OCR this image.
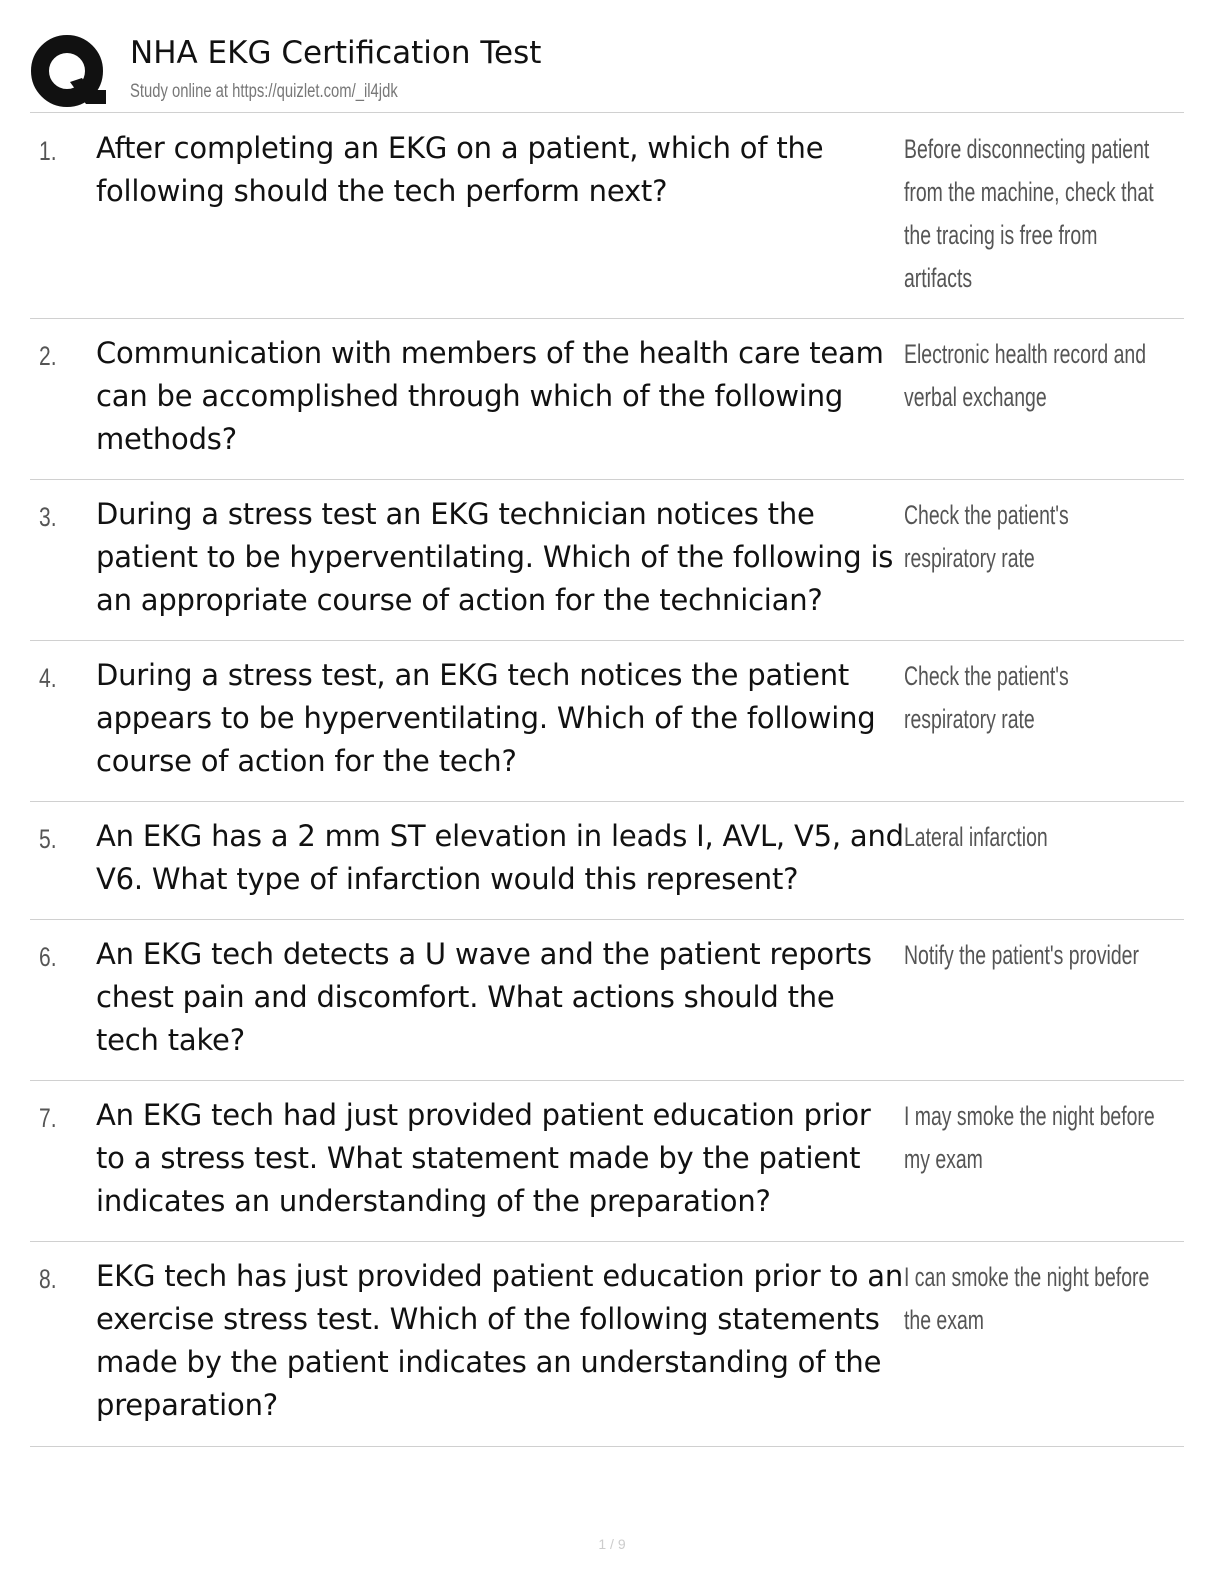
NHA EKG Certification Test
Study online at https://quizlet.com/_il4jdk
1. After completing an EKG on a patient, which of the following should the tech perform next?
Before disconnecting patient from the machine, check that the tracing is free from artifacts
2. Communication with members of the health care team can be accomplished through which of the following methods?
Electronic health record and verbal exchange
3. During a stress test an EKG technician notices the patient to be hyperventilating. Which of the following is an appropriate course of action for the technician?
Check the patient's respiratory rate
4. During a stress test, an EKG tech notices the patient appears to be hyperventilating. Which of the following course of action for the tech?
Check the patient's respiratory rate
5. An EKG has a 2 mm ST elevation in leads I, AVL, V5, and V6. What type of infarction would this represent?
Lateral infarction
6. An EKG tech detects a U wave and the patient reports chest pain and discomfort. What actions should the tech take?
Notify the patient's provider
7. An EKG tech had just provided patient education prior to a stress test. What statement made by the patient indicates an understanding of the preparation?
I may smoke the night before my exam
8. EKG tech has just provided patient education prior to an exercise stress test. Which of the following statements made by the patient indicates an understanding of the preparation?
I can smoke the night before the exam
1 / 9
